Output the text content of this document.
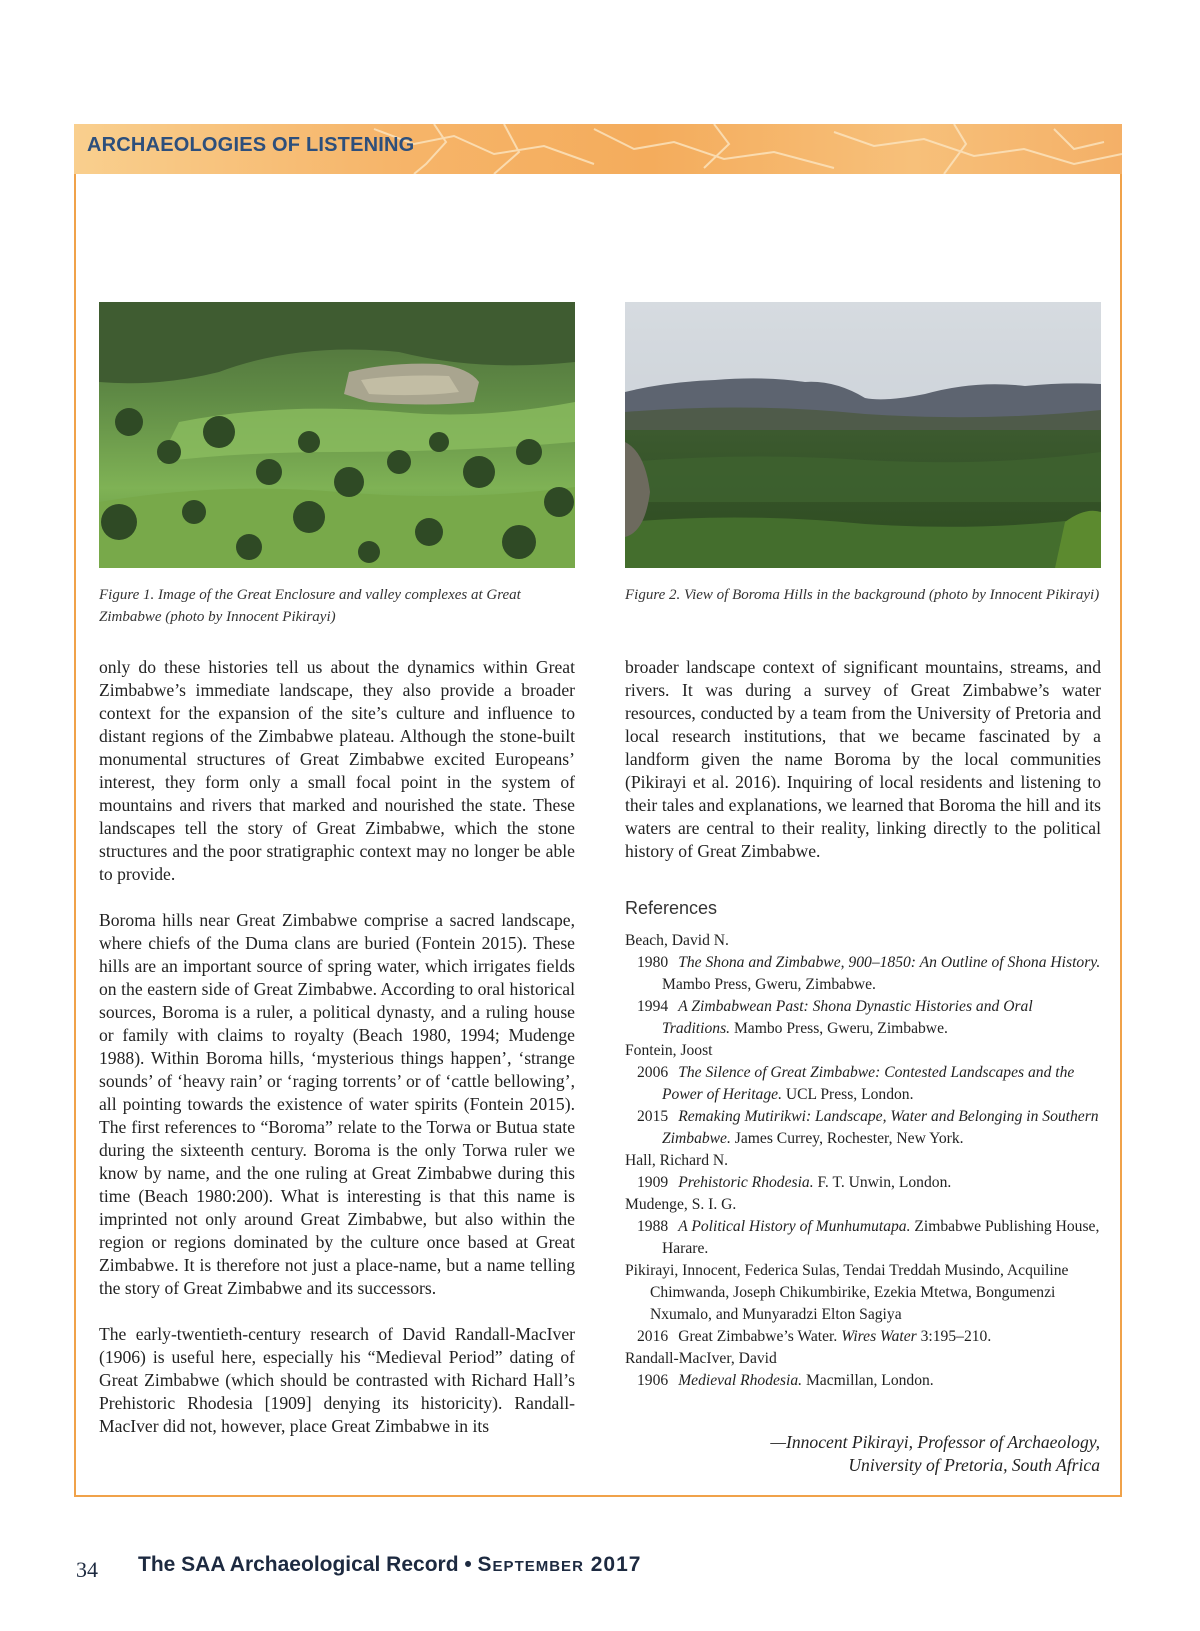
ARCHAEOLOGIES OF LISTENING
Figure 1. Image of the Great Enclosure and valley complexes at Great Zimbabwe (photo by Innocent Pikirayi)
Figure 2. View of Boroma Hills in the background (photo by Innocent Pikirayi)

only do these histories tell us about the dynamics within Great Zimbabwe’s immediate landscape, they also provide a broader context for the expansion of the site’s culture and influence to distant regions of the Zimbabwe plateau. Although the stone-built monumental structures of Great Zimbabwe excited Europeans’ interest, they form only a small focal point in the system of mountains and rivers that marked and nourished the state. These landscapes tell the story of Great Zimbabwe, which the stone structures and the poor stratigraphic context may no longer be able to provide.

Boroma hills near Great Zimbabwe comprise a sacred landscape, where chiefs of the Duma clans are buried (Fontein 2015). These hills are an important source of spring water, which irrigates fields on the eastern side of Great Zimbabwe. According to oral historical sources, Boroma is a ruler, a political dynasty, and a ruling house or family with claims to royalty (Beach 1980, 1994; Mudenge 1988). Within Boroma hills, ‘mysterious things happen’, ‘strange sounds’ of ‘heavy rain’ or ‘raging torrents’ or of ‘cattle bellowing’, all pointing towards the existence of water spirits (Fontein 2015). The first references to “Boroma” relate to the Torwa or Butua state during the sixteenth century. Boroma is the only Torwa ruler we know by name, and the one ruling at Great Zimbabwe during this time (Beach 1980:200). What is interesting is that this name is imprinted not only around Great Zimbabwe, but also within the region or regions dominated by the culture once based at Great Zimbabwe. It is therefore not just a place-name, but a name telling the story of Great Zimbabwe and its successors.

The early-twentieth-century research of David Randall-MacIver (1906) is useful here, especially his “Medieval Period” dating of Great Zimbabwe (which should be contrasted with Richard Hall’s Prehistoric Rhodesia [1909] denying its historicity). Randall-MacIver did not, however, place Great Zimbabwe in its

broader landscape context of significant mountains, streams, and rivers. It was during a survey of Great Zimbabwe’s water resources, conducted by a team from the University of Pretoria and local research institutions, that we became fascinated by a landform given the name Boroma by the local communities (Pikirayi et al. 2016). Inquiring of local residents and listening to their tales and explanations, we learned that Boroma the hill and its waters are central to their reality, linking directly to the political history of Great Zimbabwe.

References

Beach, David N.

1980 The Shona and Zimbabwe, 900–1850: An Outline of Shona History. Mambo Press, Gweru, Zimbabwe.

1994 A Zimbabwean Past: Shona Dynastic Histories and Oral Traditions. Mambo Press, Gweru, Zimbabwe.

Fontein, Joost

2006 The Silence of Great Zimbabwe: Contested Landscapes and the Power of Heritage. UCL Press, London.

2015 Remaking Mutirikwi: Landscape, Water and Belonging in Southern Zimbabwe. James Currey, Rochester, New York.

Hall, Richard N.

1909 Prehistoric Rhodesia. F. T. Unwin, London.

Mudenge, S. I. G.

1988 A Political History of Munhumutapa. Zimbabwe Publishing House, Harare.

Pikirayi, Innocent, Federica Sulas, Tendai Treddah Musindo, Acquiline Chimwanda, Joseph Chikumbirike, Ezekia Mtetwa, Bongumenzi Nxumalo, and Munyaradzi Elton Sagiya

2016 Great Zimbabwe’s Water. Wires Water 3:195–210.

Randall-MacIver, David

1906 Medieval Rhodesia. Macmillan, London.

—Innocent Pikirayi, Professor of Archaeology,
University of Pretoria, South Africa
34 The SAA Archaeological Record • September 2017
